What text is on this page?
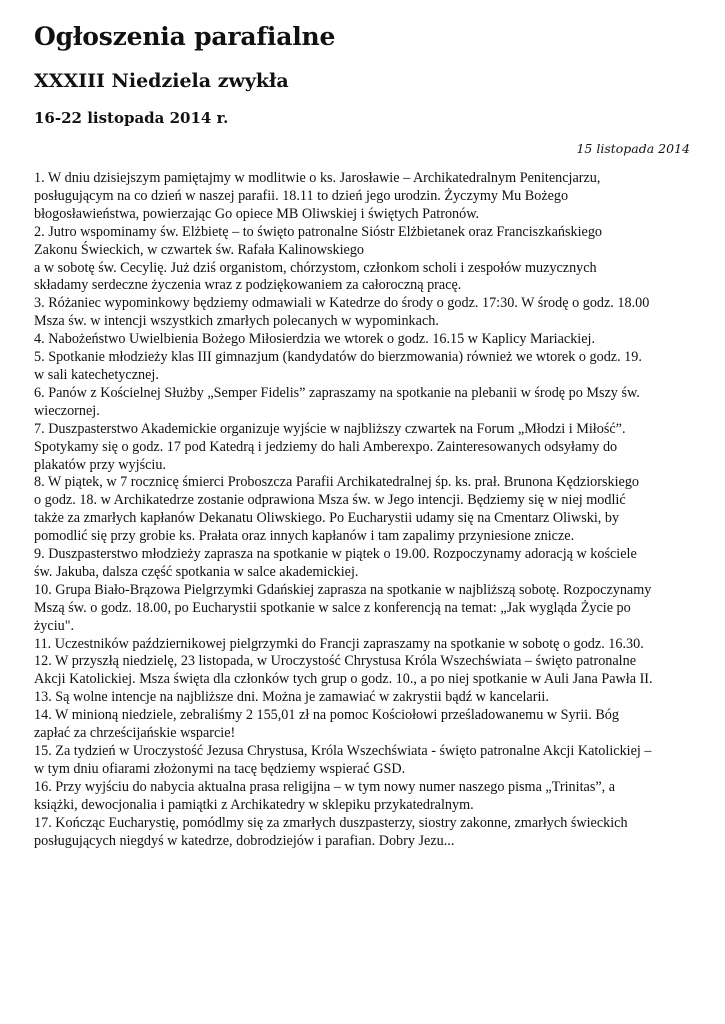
Ogłoszenia parafialne
XXXIII Niedziela zwykła
16-22 listopada 2014 r.
15 listopada 2014
1. W dniu dzisiejszym pamiętajmy w modlitwie o ks. Jarosławie – Archikatedralnym Penitencjarzu,
posługującym na co dzień w naszej parafii. 18.11 to dzień jego urodzin. Życzymy Mu Bożego
błogosławieństwa, powierzając Go opiece MB Oliwskiej i świętych Patronów.
2. Jutro wspominamy św. Elżbietę – to święto patronalne Sióstr Elżbietanek oraz Franciszkańskiego
Zakonu Świeckich, w czwartek św. Rafała Kalinowskiego
a w sobotę św. Cecylię. Już dziś organistom, chórzystom, członkom scholi i zespołów muzycznych
składamy serdeczne życzenia wraz z podziękowaniem za całoroczną pracę.
3. Różaniec wypominkowy będziemy odmawiali w Katedrze do środy o godz. 17:30. W środę o godz. 18.00
Msza św. w intencji wszystkich zmarłych polecanych w wypominkach.
4. Nabożeństwo Uwielbienia Bożego Miłosierdzia we wtorek o godz. 16.15 w Kaplicy Mariackiej.
5. Spotkanie młodzieży klas III gimnazjum (kandydatów do bierzmowania) również we wtorek o godz. 19.
w sali katechetycznej.
6. Panów z Kościelnej Służby „Semper Fidelis” zapraszamy na spotkanie na plebanii w środę po Mszy św.
wieczornej.
7. Duszpasterstwo Akademickie organizuje wyjście w najbliższy czwartek na Forum „Młodzi i Miłość”.
Spotykamy się o godz. 17 pod Katedrą i jedziemy do hali Amberexpo. Zainteresowanych odsyłamy do
plakatów przy wyjściu.
8. W piątek, w 7 rocznicę śmierci Proboszcza Parafii Archikatedralnej śp. ks. prał. Brunona Kędziorskiego
o godz. 18. w Archikatedrze zostanie odprawiona Msza św. w Jego intencji. Będziemy się w niej modlić
także za zmarłych kapłanów Dekanatu Oliwskiego. Po Eucharystii udamy się na Cmentarz Oliwski, by
pomodlić się przy grobie ks. Prałata oraz innych kapłanów i tam zapalimy przyniesione znicze.
9. Duszpasterstwo młodzieży zaprasza na spotkanie w piątek o 19.00. Rozpoczynamy adoracją w kościele
św. Jakuba, dalsza część spotkania w salce akademickiej.
10. Grupa Biało-Brązowa Pielgrzymki Gdańskiej zaprasza na spotkanie w najbliższą sobotę. Rozpoczynamy
Mszą św. o godz. 18.00, po Eucharystii spotkanie w salce z konferencją na temat: „Jak wygląda Życie po
życiu".
11. Uczestników październikowej pielgrzymki do Francji zapraszamy na spotkanie w sobotę o godz. 16.30.
12. W przyszłą niedzielę, 23 listopada, w Uroczystość Chrystusa Króla Wszechświata – święto patronalne
Akcji Katolickiej. Msza święta dla członków tych grup o godz. 10., a po niej spotkanie w Auli Jana Pawła II.
13. Są wolne intencje na najbliższe dni. Można je zamawiać w zakrystii bądź w kancelarii.
14. W minioną niedziele, zebraliśmy 2 155,01 zł na pomoc Kościołowi prześladowanemu w Syrii. Bóg
zapłać za chrześcijańskie wsparcie!
15. Za tydzień w Uroczystość Jezusa Chrystusa, Króla Wszechświata - święto patronalne Akcji Katolickiej –
w tym dniu ofiarami złożonymi na tacę będziemy wspierać GSD.
16. Przy wyjściu do nabycia aktualna prasa religijna – w tym nowy numer naszego pisma „Trinitas”, a
książki, dewocjonalia i pamiątki z Archikatedry w sklepiku przykatedralnym.
17. Kończąc Eucharystię, pomódlmy się za zmarłych duszpasterzy, siostry zakonne, zmarłych świeckich
posługujących niegdyś w katedrze, dobrodziejów i parafian. Dobry Jezu...
